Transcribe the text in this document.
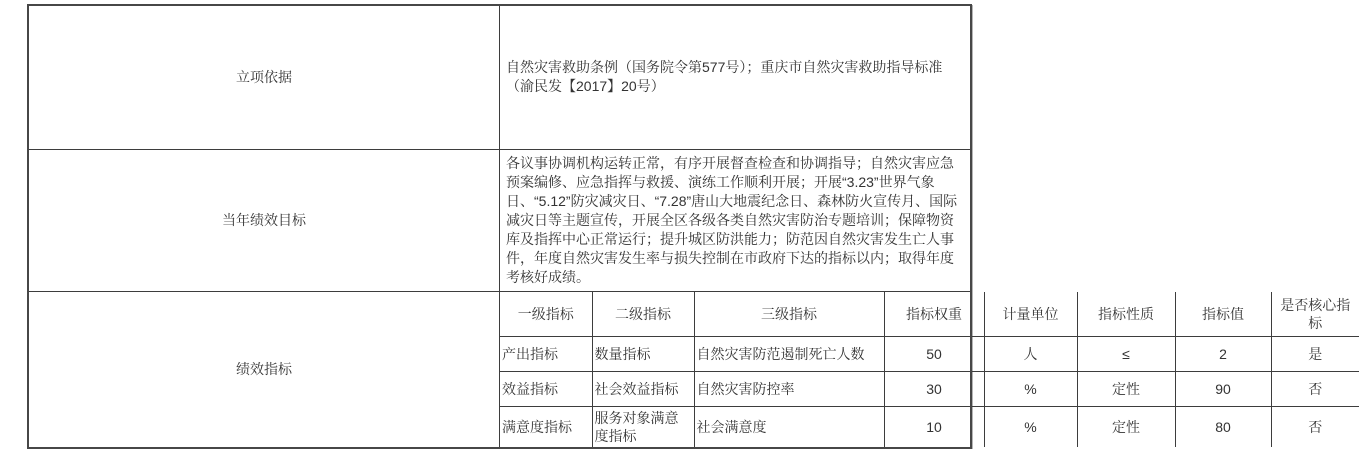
立项依据	自然灾害救助条例（国务院令第577号）；重庆市自然灾害救助指导标准（渝民发【2017】20号）
当年绩效目标	各议事协调机构运转正常，有序开展督查检查和协调指导；自然灾害应急预案编修、应急指挥与救援、演练工作顺利开展；开展“3.23”世界气象日、“5.12”防灾减灾日、“7.28”唐山大地震纪念日、森林防火宣传月、国际减灾日等主题宣传，开展全区各级各类自然灾害防治专题培训；保障物资库及指挥中心正常运行；提升城区防洪能力；防范因自然灾害发生亡人事件，年度自然灾害发生率与损失控制在市政府下达的指标以内；取得年度考核好成绩。
绩效指标	
一级指标	二级指标	三级指标	指标权重	计量单位	指标性质	指标值	是否核心指标
产出指标	数量指标	自然灾害防范遏制死亡人数	50	人	≤	2	是
效益指标	社会效益指标	自然灾害防控率	30	%	定性	90	否
满意度指标	服务对象满意度指标	社会满意度	10	%	定性	80	否
